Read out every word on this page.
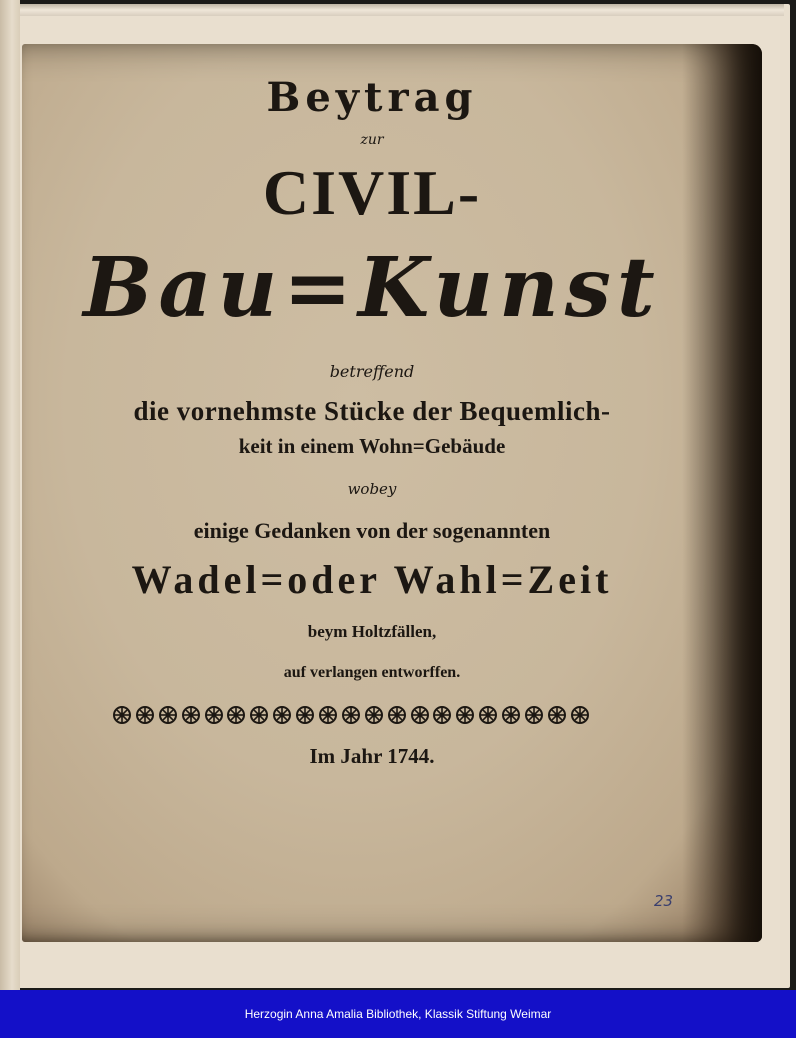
Beytrag
zur
CIVIL-
Bau=Kunst
betreffend
die vornehmste Stücke der Bequemlich-
keit in einem Wohn=Gebäude
wobey
einige Gedanken von der sogenannten
Wadel=oder Wahl=Zeit
beym Holtzfällen,
auf verlangen entworffen.
Im Jahr 1744.
23
Herzogin Anna Amalia Bibliothek, Klassik Stiftung Weimar
